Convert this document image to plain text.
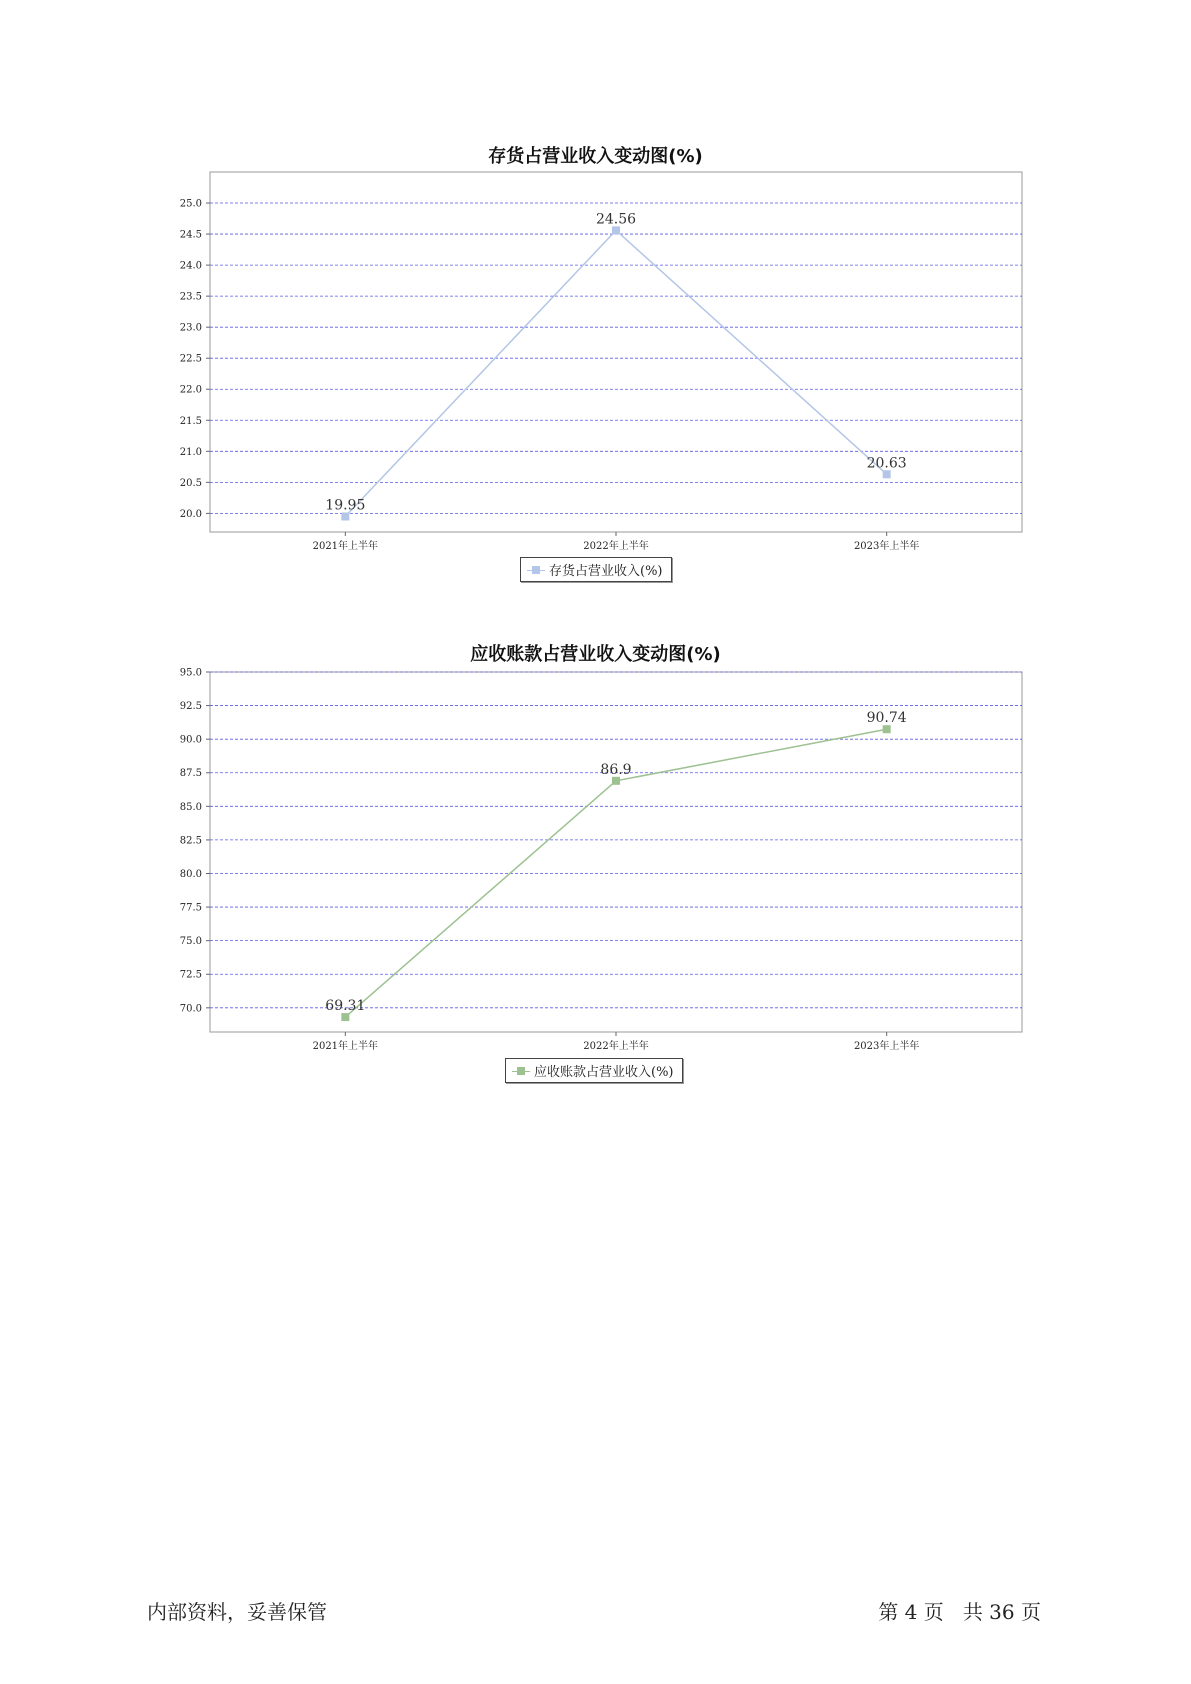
存货占营业收入变动图(%)
20.0
20.5
21.0
21.5
22.0
22.5
23.0
23.5
24.0
24.5
25.0
2021年上半年	2022年上半年	2023年上半年
19.95
24.56
20.63
存货占营业收入(%)
应收账款占营业收入变动图(%)
70.0
72.5
75.0
77.5
80.0
82.5
85.0
87.5
90.0
92.5
95.0
2021年上半年	2022年上半年	2023年上半年
69.31
86.9
90.74
应收账款占营业收入(%)
内部资料，妥善保管	第 4 页   共 36 页
